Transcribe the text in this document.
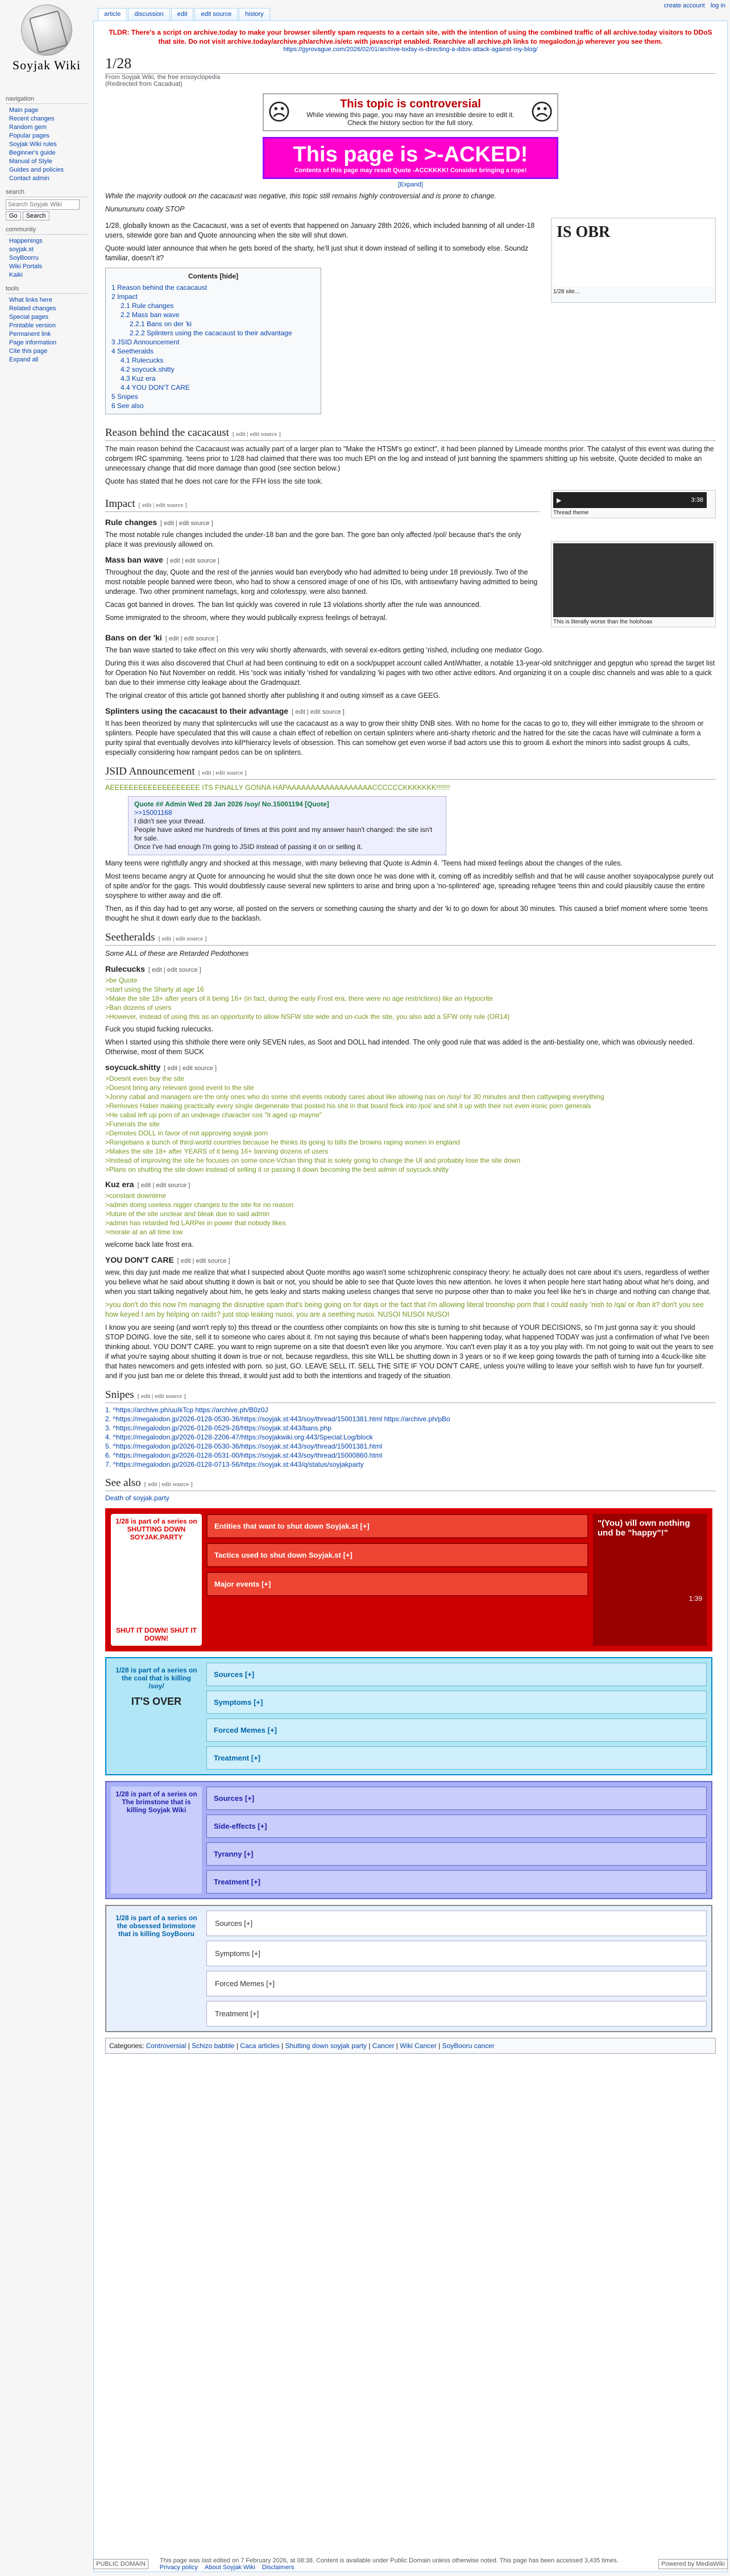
Soyjak Wiki
navigation
Main page
Recent changes
Random gem
Popular pages
Soyjak Wiki rules
Beginner's guide
Manual of Style
Guides and policies
Contact admin
search
Search Soyjak Wiki
Go	Search
community
Happenings
soyjak.st
SoyBoorru
Wiki Portals
Kaiki
tools
What links here
Related changes
Special pages
Printable version
Permanent link
Page information
Cite this page
Expand all
article	discussion	edit	edit source	history
create account log in
TLDR: There's a script on archive.today to make your browser silently spam requests to a certain site, with the intention of using the combined traffic of all archive.today visitors to DDoS that site. Do not visit archive.today/archive.ph/archive.is/etc with javascript enabled. Rearchive all archive.ph links to megalodon.jp wherever you see them.
https://gyrovague.com/2026/02/01/archive-today-is-directing-a-ddos-attack-against-my-blog/
1/28
From Soyjak Wiki, the free ensoyclopedia
(Redirected from Cacaduat)
☹	This topic is controversial
While viewing this page, you may have an irresistible desire to edit it. Check the history section for the full story.	☹
This page is >-ACKED!
Contents of this page may result Quote -ACCKKKK! Consider bringing a rope!
[Expand]

While the majority outlook on the cacacaust was negative, this topic still remains highly controversial and is prone to change.

Nunununuru coaty STOP

1/28, globally known as the Cacacaust, was a set of events that happened on January 28th 2026, which included banning of all under-18 users, sitewide gore ban and Quote announcing when the site will shut down.

Quote would later announce that when he gets bored of the sharty, he'll just shut it down instead of selling it to somebody else. Soundz familiar, doesn't it?

Contents [hide]
1 Reason behind the cacacaust
2 Impact
2.1 Rule changes
2.2 Mass ban wave
2.2.1 Bans on der 'ki
2.2.2 Splinters using the cacacaust to their advantage
3 JSID Announcement
4 Seetheralds
4.1 Rulecucks
4.2 soycuck.shitty
4.3 Kuz era
4.4 YOU DON'T CARE
5 Snipes
6 See also
IS OBR
1/28 site...
Reason behind the cacacaust [ edit | edit source ]

The main reason behind the Cacacaust was actually part of a larger plan to "Make the HTSM's go extinct", it had been planned by Limeade months prior. The catalyst of this event was during the cobrgem IRC spamming. 'teens prior to 1/28 had claimed that there was too much EPI on the log and instead of just banning the spammers shitting up his website, Quote decided to make an unnecessary change that did more damage than good (see section below.)

Quote has stated that he does not care for the FFH loss the site took.

Impact [ edit | edit source ]
Rule changes [ edit | edit source ]

The most notable rule changes included the under-18 ban and the gore ban. The gore ban only affected /pol/ because that's the only place it was previously allowed on.

Mass ban wave [ edit | edit source ]

Throughout the day, Quote and the rest of the jannies would ban everybody who had admitted to being under 18 previously. Two of the most notable people banned were tbeon, who had to show a censored image of one of his IDs, with antisewfarry having admitted to being underage. Two other prominent namefags, korg and colorlesspy, were also banned.

Cacas got banned in droves. The ban list quickly was covered in rule 13 violations shortly after the rule was announced.

Some immigrated to the shroom, where they would publically express feelings of betrayal.

▶	3:38
Thread theme
This is literally worse than the holohoax
Bans on der 'ki [ edit | edit source ]

The ban wave started to take effect on this very wiki shortly afterwards, with several ex-editors getting 'rished, including one mediator Gogo.

During this it was also discovered that Churl at had been continuing to edit on a sock/puppet account called AntiWhatter, a notable 13-year-old snitchnigger and gepgtun who spread the target list for Operation No Nut November on reddit. His 'sock was initially 'rished for vandalizing 'ki pages with two other active editors. And organizing it on a couple disc channels and was able to a quick ban due to their immense citty leakage about the Gradmquazt.

The original creator of this article got banned shortly after publishing it and outing ximself as a cave GEEG.

Splinters using the cacacaust to their advantage [ edit | edit source ]

It has been theorized by many that splintercucks will use the cacacaust as a way to grow their shitty DNB sites. With no home for the cacas to go to, they will either immigrate to the shroom or splinters. People have speculated that this will cause a chain effect of rebellion on certain splinters where anti-sharty rhetoric and the hatred for the site the cacas have will culminate a form a purity spiral that eventually devolves into kill*hierarcy levels of obsession. This can somehow get even worse if bad actors use this to groom & exhort the minors into sadist groups & cults, especially considering how rampant pedos can be on splinters.

JSID Announcement [ edit | edit source ]

AEEEEEEEEEEEEEEEEEEE ITS FINALLY GONNA HAPAAAAAAAAAAAAAAAAAACCCCCCKKKKKKK!!!!!!!

Quote ## Admin Wed 28 Jan 2026 /soy/ No.15001194 [Quote]
>>15001168
I didn't see your thread.
People have asked me hundreds of times at this point and my answer hasn't changed: the site isn't for sale.
Once I've had enough I'm going to JSID instead of passing it on or selling it.

Many teens were rightfully angry and shocked at this message, with many believing that Quote is Admin 4. 'Teens had mixed feelings about the changes of the rules.

Most teens became angry at Quote for announcing he would shut the site down once he was done with it, coming off as incredibly selfish and that he will cause another soyapocalypse purely out of spite and/or for the gags. This would doubtlessly cause several new splinters to arise and bring upon a 'no-splintered' age, spreading refugee 'teens thin and could plausibly cause the entire soysphere to wither away and die off.

Then, as if this day had to get any worse, all posted on the servers or something causing the sharty and der 'ki to go down for about 30 minutes. This caused a brief moment where some 'teens thought he shut it down early due to the backlash.

Seetheralds [ edit | edit source ]

Some ALL of these are Retarded Pedothones

Rulecucks [ edit | edit source ]
>be Quote
>start using the Sharty at age 16
>Make the site 18+ after years of it being 16+ (in fact, during the early Frost era, there were no age restrictions) like an Hypocrite
>Ban dozens of users
>However, instead of using this as an opportunity to allow NSFW site wide and un-cuck the site, you also add a SFW only rule (OR14)

Fuck you stupid fucking rulecucks.

When I started using this shithole there were only SEVEN rules, as Soot and DOLL had intended. The only good rule that was added is the anti-bestiality one, which was obviously needed. Otherwise, most of them SUCK

soycuck.shitty [ edit | edit source ]
>Doesnt even buy the site
>Doesnt bring any relevant good event to the site
>Jonny cabal and managers are the only ones who do some shit events nobody cares about like allowing nas on /soy/ for 30 minutes and then cattywiping everything
>Removes Haber making practically every single degenerate that posted his shit in that board flock into /pol/ and shit it up with their not even ironic porn generals
>He cabal left up porn of an underage character cos "it aged up mayne"
>Funerals the site
>Demotes DOLL in favor of not approving soyjak porn
>Rangebans a bunch of third-world countries because he thinks its going to bills the browns raping women in england
>Makes the site 18+ after YEARS of it being 16+ banning dozens of users
>Instead of improving the site he focuses on some once-Vchan thing that is solely going to change the UI and probably lose the site down
>Plans on shutting the site down instead of selling it or passing it down becoming the best admin of soycuck.shitty
Kuz era [ edit | edit source ]
>constant downtime
>admin doing useless nigger changes to the site for no reason
>future of the site unclear and bleak due to said admin
>admin has retarded fed LARPer in power that nobody likes
>morale at an all time low

welcome back late frost era.

YOU DON'T CARE [ edit | edit source ]

wew, this day just made me realize that what I suspected about Quote months ago wasn't some schizophrenic conspiracy theory: he actually does not care about it's users, regardless of wether you believe what he said about shutting it down is bait or not, you should be able to see that Quote loves this new attention. he loves it when people here start hating about what he's doing, and when you start talking negatively about him, he gets leaky and starts making useless changes that serve no purpose other than to make you feel like he's in charge and nothing can change that.

>you don't do this now I'm managing the disruptive spam that's being going on for days or the fact that I'm allowing literal troonship porn that I could easily 'nish to /qa/ or /ban it? don't you see how keyed I am by helping on raids? just stop leaking nusoi, you are a seething nusoi. NUSOI NUSOI NUSOI

I know you are seeing (and won't reply to) this thread or the countless other complaints on how this site is turning to shit because of YOUR DECISIONS, so I'm just gonna say it: you should STOP DOING. love the site, sell it to someone who cares about it. I'm not saying this because of what's been happening today, what happened TODAY was just a confirmation of what I've been thinking about. YOU DON'T CARE. you want to reign supreme on a site that doesn't even like you anymore. You can't even play it as a toy you play with. I'm not going to wait out the years to see if what you're saying about shutting it down is true or not, because regardless, this site WILL be shutting down in 3 years or so if we keep going towards the path of turning into a 4cuck-like site that hates newcomers and gets infested with porn. so just, GO. LEAVE SELL IT. SELL THE SITE IF YOU DON'T CARE, unless you're willing to leave your selfish wish to have fun for yourself. and if you just ban me or delete this thread, it would just add to both the intentions and tragedy of the situation.

Snipes [ edit | edit source ]
1. ^https://archive.ph/uuIkTcp https://archive.ph/B0z0J
2. ^https://megalodon.jp/2026-0128-0530-36/https://soyjak.st:443/soy/thread/15001381.html https://archive.ph/pBo
3. ^https://megalodon.jp/2026-0128-0529-28/https://soyjak.st:443/bans.php
4. ^https://megalodon.jp/2026-0128-2206-47/https://soyjakwiki.org:443/Special:Log/block
5. ^https://megalodon.jp/2026-0128-0530-36/https://soyjak.st:443/soy/thread/15001381.html
6. ^https://megalodon.jp/2026-0128-0531-00/https://soyjak.st:443/soy/thread/15000860.html
7. ^https://megalodon.jp/2026-0128-0713-56/https://soyjak.st:443/q/status/soyjakparty
See also [ edit | edit source ]
Death of soyjak.party
1/28 is part of a series on SHUTTING DOWN SOYJAK.PARTY
SHUT IT DOWN! SHUT IT DOWN!
Entities that want to shut down Soyjak.st [+]
Tactics used to shut down Soyjak.st [+]
Major events [+]
"(You) vill own nothing und be "happy"!"
1:39
1/28 is part of a series on the coal that is killing /soy/
IT'S OVER
Sources [+]
Symptoms [+]
Forced Memes [+]
Treatment [+]
1/28 is part of a series on The brimstone that is killing Soyjak Wiki
Sources [+]
Side-effects [+]
Tyranny [+]
Treatment [+]
1/28 is part of a series on the obsessed brimstone that is killing SoyBooru
Sources [+]
Symptoms [+]
Forced Memes [+]
Treatment [+]
Categories: Controversial | Schizo babble | Caca articles | Shutting down soyjak party | Cancer | Wiki Cancer | SoyBooru cancer
PUBLIC DOMAIN	This page was last edited on 7 February 2026, at 08:38. Content is available under Public Domain unless otherwise noted. This page has been accessed 3,435 times.
Privacy policy About Soyjak Wiki Disclaimers	Powered by MediaWiki
